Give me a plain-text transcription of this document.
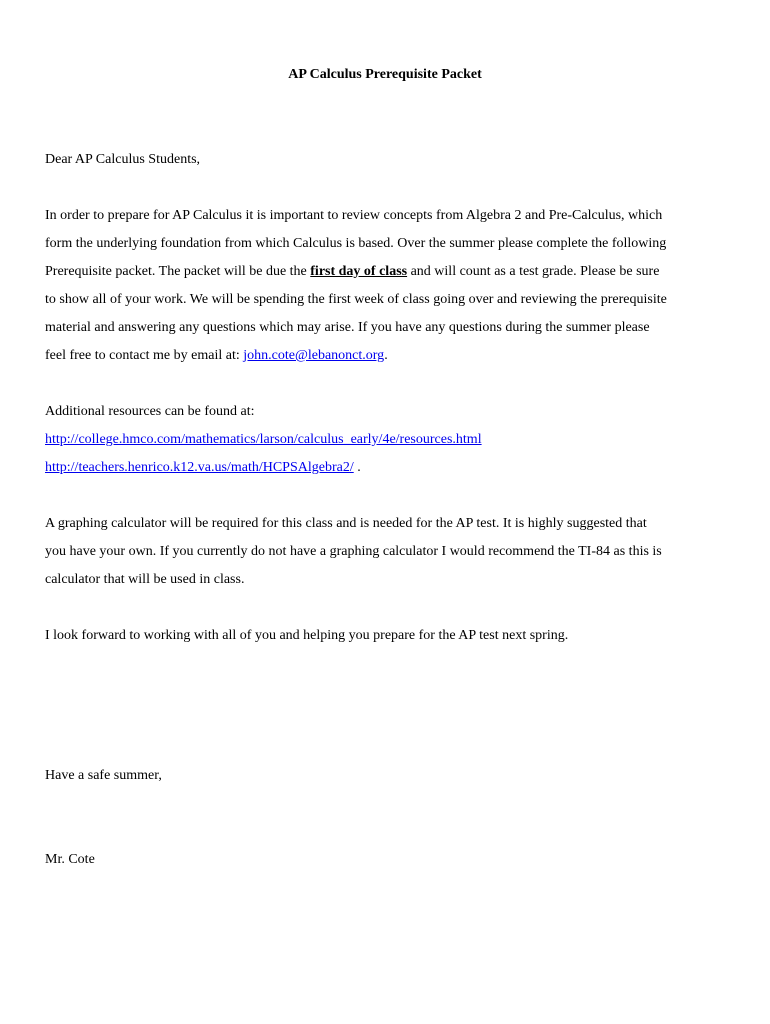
AP Calculus Prerequisite Packet
Dear AP Calculus Students,
In order to prepare for AP Calculus it is important to review concepts from Algebra 2 and Pre-Calculus, which
form the underlying foundation from which Calculus is based. Over the summer please complete the following
Prerequisite packet. The packet will be due the first day of class and will count as a test grade. Please be sure
to show all of your work. We will be spending the first week of class going over and reviewing the prerequisite
material and answering any questions which may arise. If you have any questions during the summer please
feel free to contact me by email at: john.cote@lebanonct.org.
Additional resources can be found at:
http://college.hmco.com/mathematics/larson/calculus_early/4e/resources.html
http://teachers.henrico.k12.va.us/math/HCPSAlgebra2/ .
A graphing calculator will be required for this class and is needed for the AP test. It is highly suggested that
you have your own. If you currently do not have a graphing calculator I would recommend the TI-84 as this is
calculator that will be used in class.
I look forward to working with all of you and helping you prepare for the AP test next spring.
Have a safe summer,
Mr. Cote
